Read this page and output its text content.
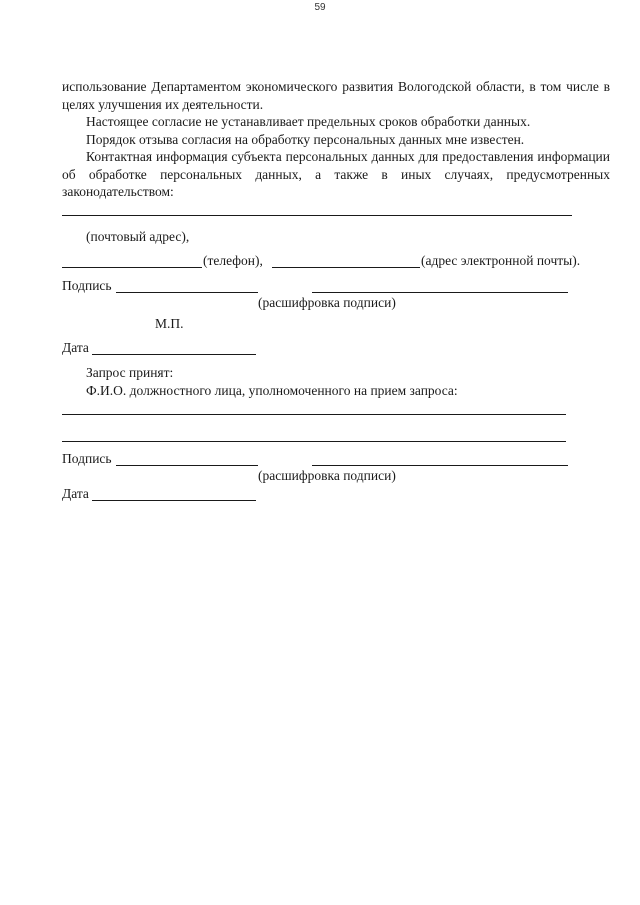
59

использование Департаментом экономического развития Вологодской области, в том числе в целях улучшения их деятельности.

Настоящее согласие не устанавливает предельных сроков обработки данных.

Порядок отзыва согласия на обработку персональных данных мне известен.

Контактная информация субъекта персональных данных для предоставления информации об обработке персональных данных, а также в иных случаях, предусмотренных законодательством:

(почтовый адрес),
(телефон),	(адрес электронной почты).
Подпись
(расшифровка подписи)
М.П.
Дата
Запрос принят:
Ф.И.О. должностного лица, уполномоченного на прием запроса:
Подпись
(расшифровка подписи)
Дата
